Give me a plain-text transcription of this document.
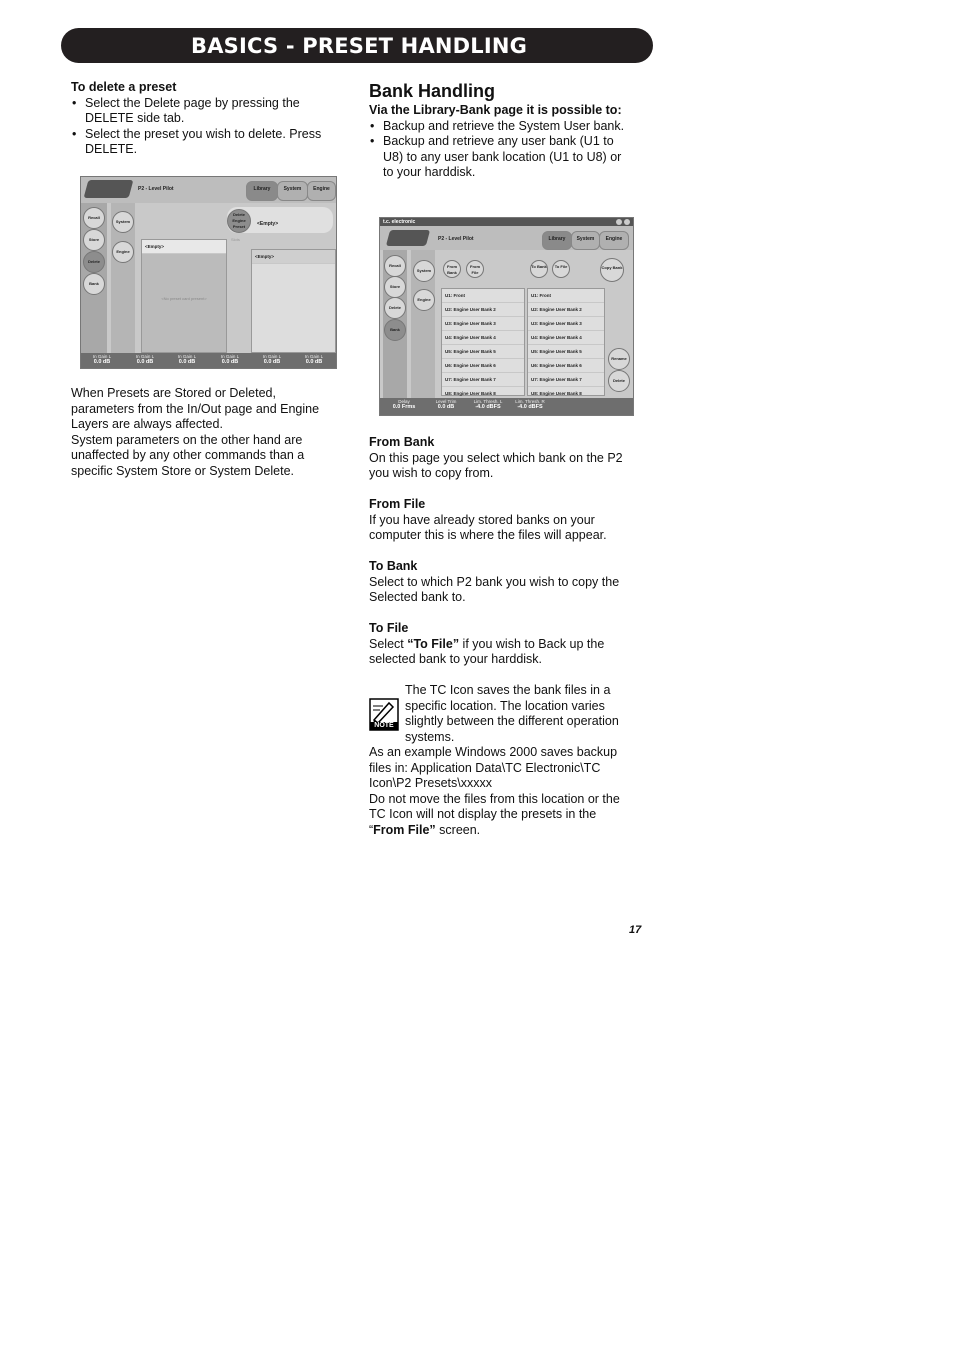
BASICS - PRESET HANDLING

To delete a preset

• Select the Delete page by pressing the DELETE side tab.

• Select the preset you wish to delete. Press DELETE.

P2 - Level Pilot	Library	System	Engine
Recall
Store
Delete
Bank
System
Engine
Delete Engine Preset	<Empty>
<Empty>
<No preset card present>
Slots
<Empty>
In Gain L
0.0 dB
In Gain L
0.0 dB
In Gain L
0.0 dB
In Gain L
0.0 dB
In Gain L
0.0 dB
In Gain L
0.0 dB

When Presets are Stored or Deleted, parameters from the In/Out page and Engine Layers are always affected.

System parameters on the other hand are unaffected by any other commands than a specific System Store or System Delete.

Bank Handling

Via the Library-Bank page it is possible to:

• Backup and retrieve the System User bank.

• Backup and retrieve any user bank (U1 to U8) to any user bank location (U1 to U8) or to your harddisk.

t.c. electronic
P2 - Level Pilot	Library	System	Engine
Recall
Store
Delete
Bank
System
Engine
From Bank
From File
To Bank	To File	Copy Bank
U1: Front
U2: Engine User Bank 2
U3: Engine User Bank 3
U4: Engine User Bank 4
U5: Engine User Bank 5
U6: Engine User Bank 6
U7: Engine User Bank 7
U8: Engine User Bank 8
U1: Front
U2: Engine User Bank 2
U3: Engine User Bank 3
U4: Engine User Bank 4
U5: Engine User Bank 5
U6: Engine User Bank 6
U7: Engine User Bank 7
U8: Engine User Bank 8
Rename
Delete
Delay
0.0 Frms
Level Trim
0.0 dB
Lim. Thresh. L
-4.0 dBFS
Lim. Thresh. R
-4.0 dBFS

From Bank

On this page you select which bank on the P2 you wish to copy from.

From File

If you have already stored banks on your computer this is where the files will appear.

To Bank

Select to which P2 bank you wish to copy the Selected bank to.

To File

Select “To File” if you wish to Back up the selected bank to your harddisk.

The TC Icon saves the bank files in a specific location. The location varies slightly between the different operation systems.

As an example Windows 2000 saves backup files in: Application Data\TC Electronic\TC Icon\P2 Presets\xxxxx

Do not move the files from this location or the TC Icon will not display the presets in the “From File” screen.

NOTE
17
